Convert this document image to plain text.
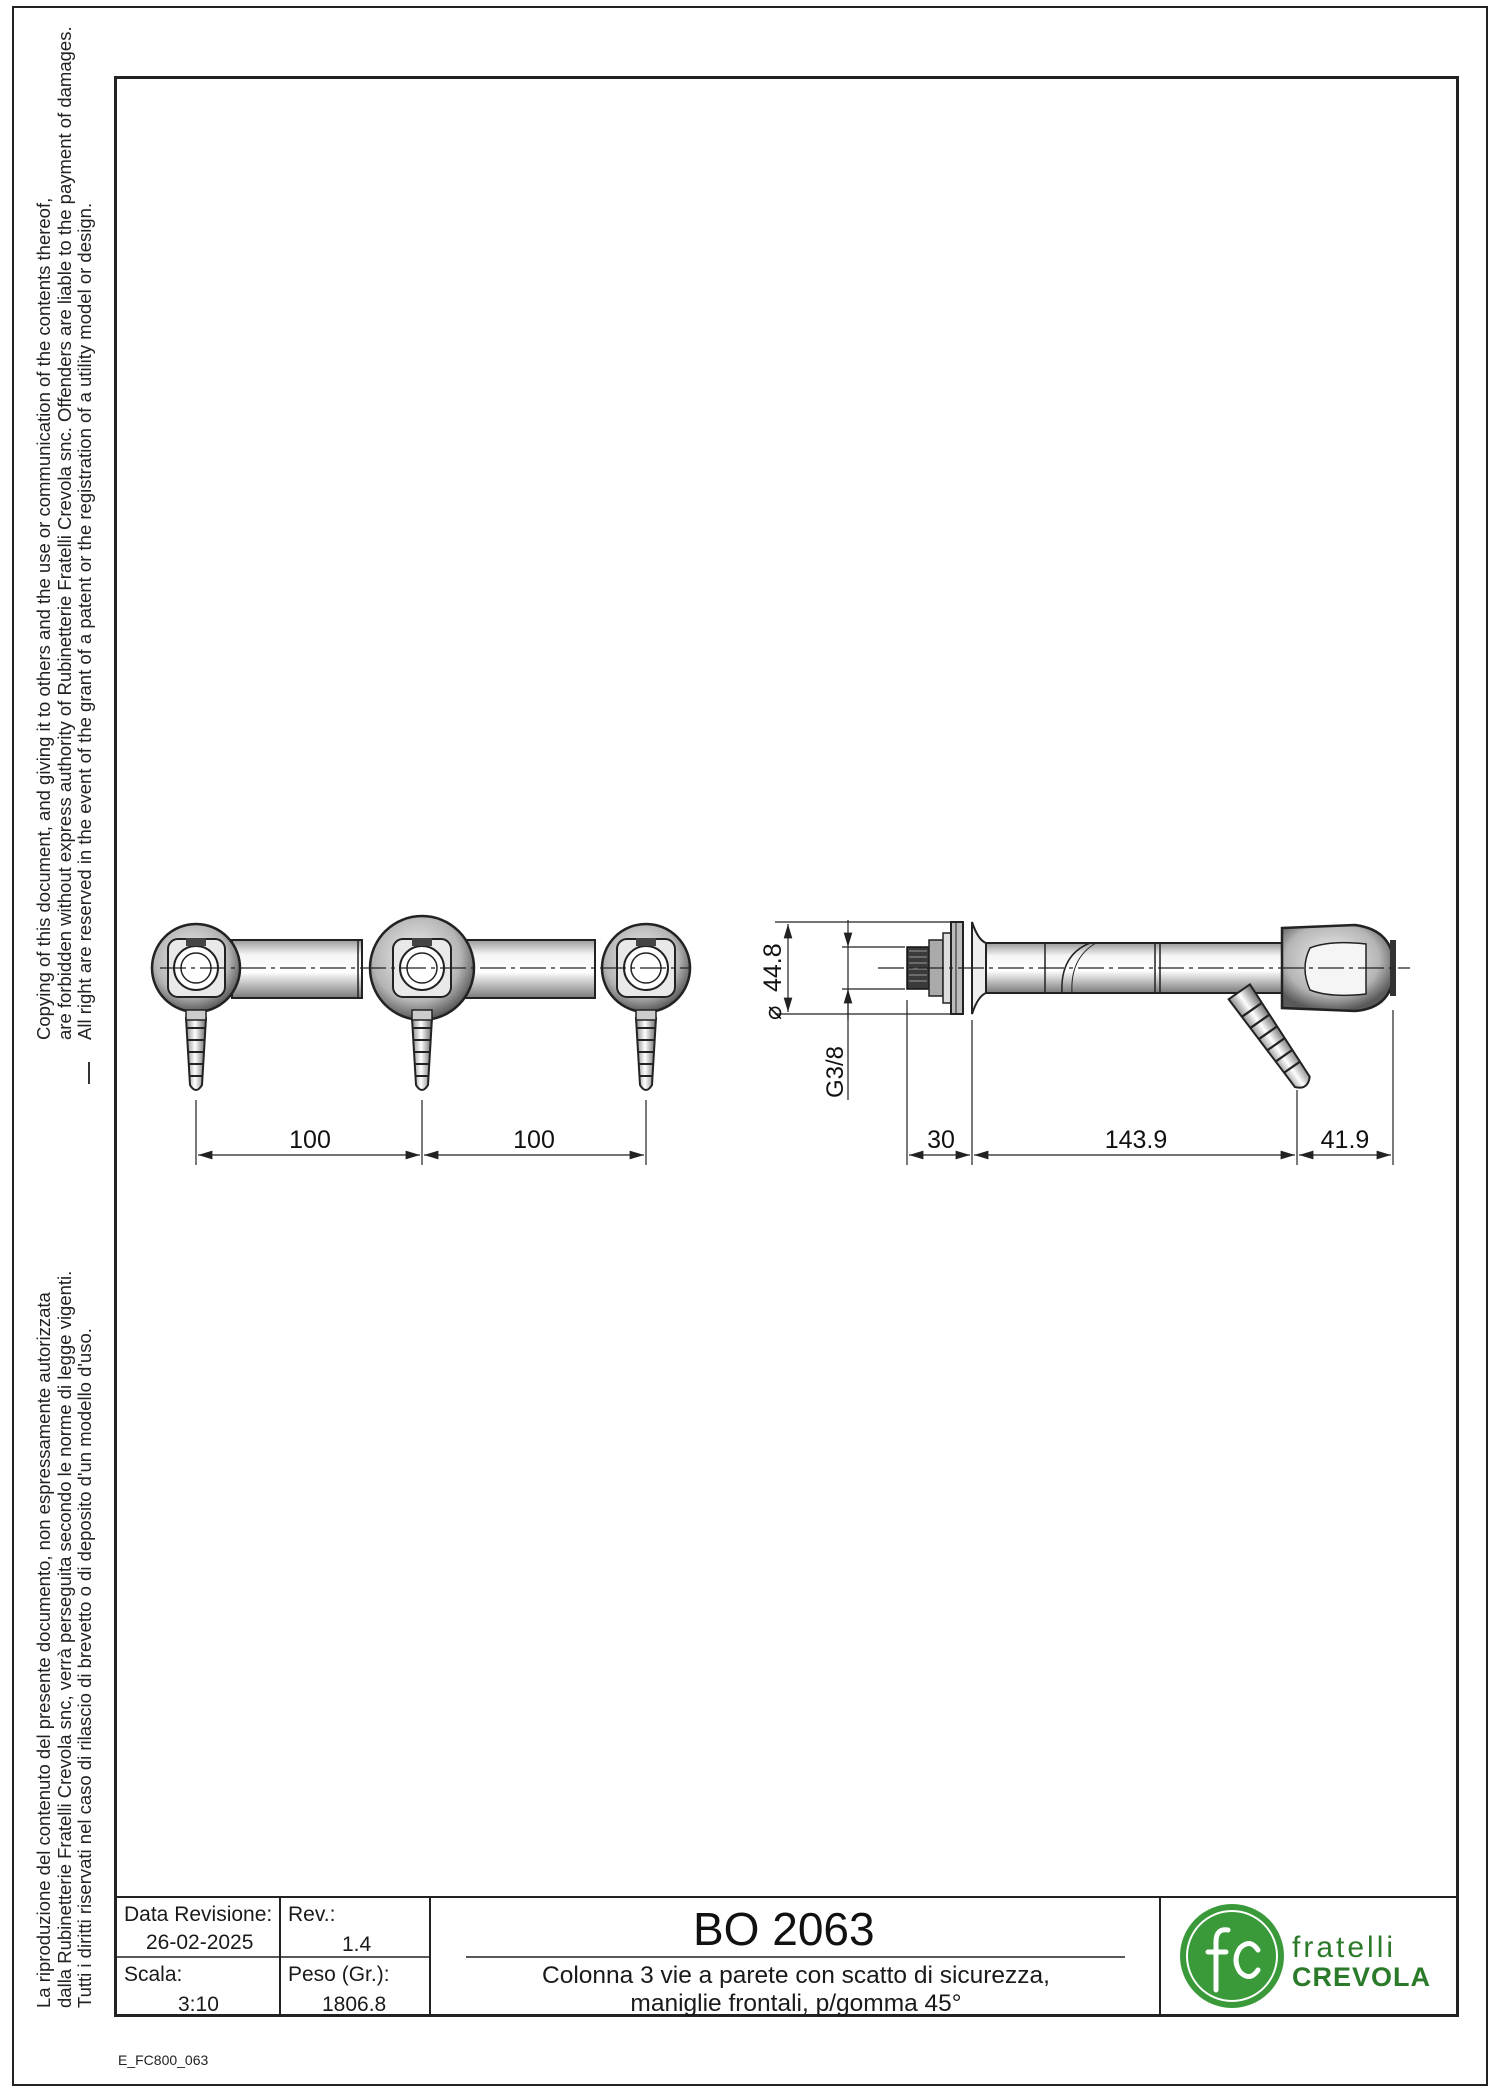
Copying of this document, and giving it to others and the use or communication of the contents thereof, are forbidden without express authority of Rubinetterie Fratelli Crevola snc. Offenders are liable to the payment of damages. All right are reserved in the event of the grant of a patent or the registration of a utility model or design.
La riproduzione del contenuto del presente documento, non espressamente autorizzata dalla Rubinetterie Fratelli Crevola snc, verrà perseguita secondo le norme di legge vigenti. Tutti i diritti riservati nel caso di rilascio di brevetto o di deposito d'un modello d'uso.
100	100
⌀
44.8
G3/8
30	143.9	41.9
fratelli
CREVOLA
Data Revisione:
26-02-2025
Rev.:
1.4
Scala:
3:10
Peso (Gr.):
1806.8
BO 2063
Colonna 3 vie a parete con scatto di sicurezza,
maniglie frontali, p/gomma 45°
E_FC800_063
